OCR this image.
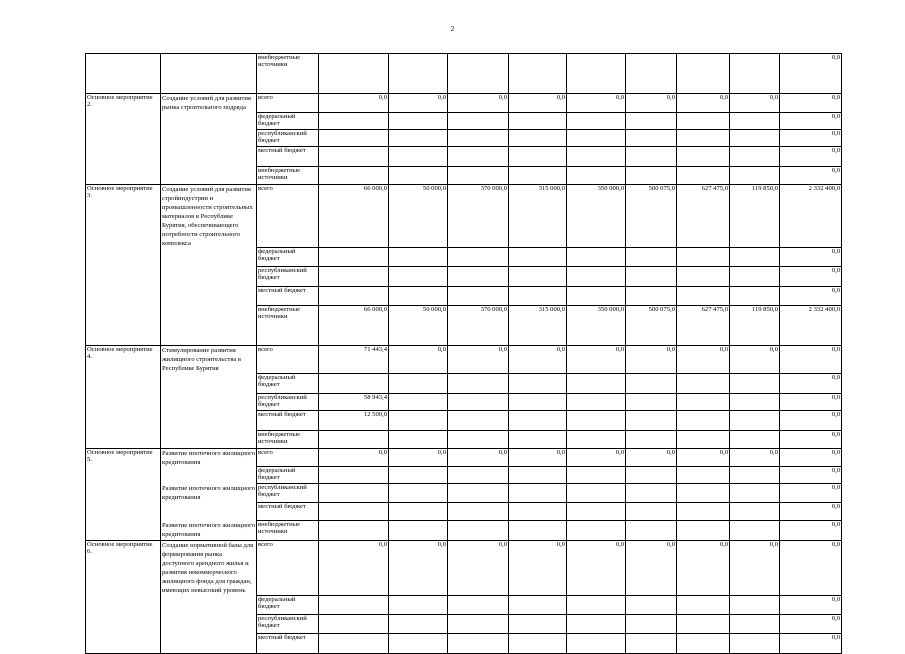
2
		внебюджетные источники									0,0
Основное мероприятие 2.	Создание условий для развития рынка строительного подряда	всего	0,0	0,0	0,0	0,0	0,0	0,0	0,0	0,0	0,0
		федеральный бюджет									0,0
		республиканский бюджет									0,0
		местный бюджет									0,0
		внебюджетные источники									0,0
Основное мероприятие 3.	Создание условий для развития стройиндустрии и промышленности строительных материалов в Республике Бурятия, обеспечивающего потребности строительного комплекса	всего	66 000,0	50 000,0	370 000,0	315 000,0	350 000,0	500 075,0	627 475,0	119 850,0	2 332 400,0
		федеральный бюджет									0,0
		республиканский бюджет									0,0
		местный бюджет									0,0
		внебюджетные источники	66 000,0	50 000,0	370 000,0	315 000,0	350 000,0	500 075,0	627 475,0	119 850,0	2 332 400,0
Основное мероприятие 4.	Стимулирование развития жилищного строительства в Республике Бурятия	всего	71 443,4	0,0	0,0	0,0	0,0	0,0	0,0	0,0	0,0
		федеральный бюджет									0,0
		республиканский бюджет	58 943,4								0,0
		местный бюджет	12 500,0								0,0
		внебюджетные источники									0,0
Основное мероприятие 5.	Развитие ипотечного жилищного кредитования	всего	0,0	0,0	0,0	0,0	0,0	0,0	0,0	0,0	0,0
		федеральный бюджет									0,0
	Развитие ипотечного жилищного кредитования	республиканский бюджет									0,0
		местный бюджет									0,0
	Развитие ипотечного жилищного кредитования	внебюджетные источники									0,0
Основное мероприятие 6.	Создание нормативной базы для формирования рынка доступного арендного жилья и развития некоммерческого жилищного фонда для граждан, имеющих невысокий уровень	всего	0,0	0,0	0,0	0,0	0,0	0,0	0,0	0,0	0,0
		федеральный бюджет									0,0
		республиканский бюджет									0,0
		местный бюджет									0,0
